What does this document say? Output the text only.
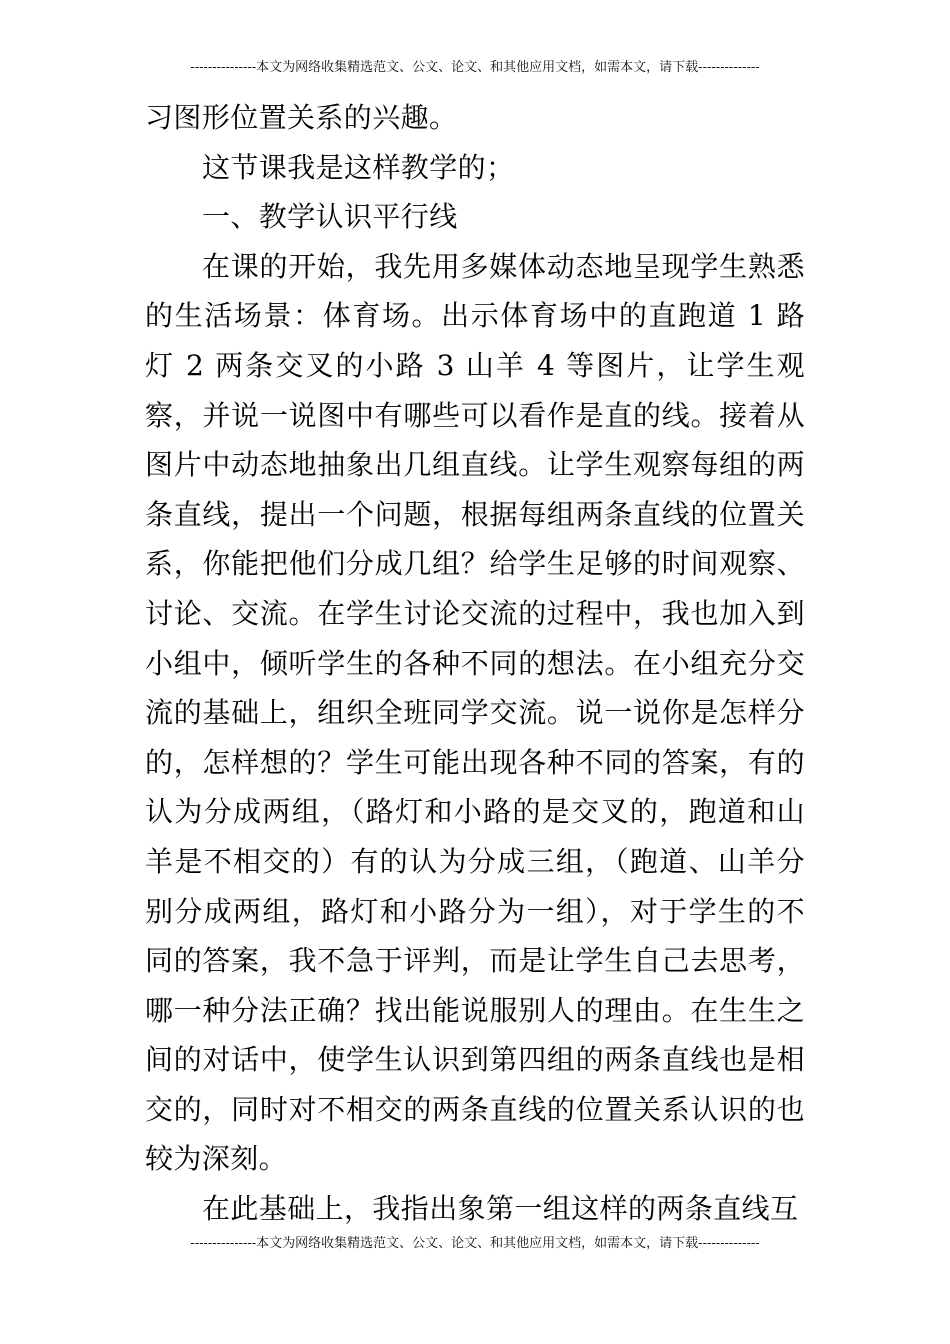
---------------本文为网络收集精选范文、公文、论文、和其他应用文档，如需本文，请下载--------------

习图形位置关系的兴趣。

这节课我是这样教学的；

一、教学认识平行线

在课的开始，我先用多媒体动态地呈现学生熟悉的生活场景：体育场。出示体育场中的直跑道 1 路灯 2 两条交叉的小路 3 山羊 4 等图片，让学生观察，并说一说图中有哪些可以看作是直的线。接着从图片中动态地抽象出几组直线。让学生观察每组的两条直线，提出一个问题，根据每组两条直线的位置关系，你能把他们分成几组？给学生足够的时间观察、讨论、交流。在学生讨论交流的过程中，我也加入到小组中，倾听学生的各种不同的想法。在小组充分交流的基础上，组织全班同学交流。说一说你是怎样分的，怎样想的？学生可能出现各种不同的答案，有的认为分成两组，（路灯和小路的是交叉的，跑道和山羊是不相交的）有的认为分成三组，（跑道、山羊分别分成两组，路灯和小路分为一组），对于学生的不同的答案，我不急于评判，而是让学生自己去思考，哪一种分法正确？找出能说服别人的理由。在生生之间的对话中，使学生认识到第四组的两条直线也是相交的，同时对不相交的两条直线的位置关系认识的也较为深刻。

在此基础上，我指出象第一组这样的两条直线互

---------------本文为网络收集精选范文、公文、论文、和其他应用文档，如需本文，请下载--------------
